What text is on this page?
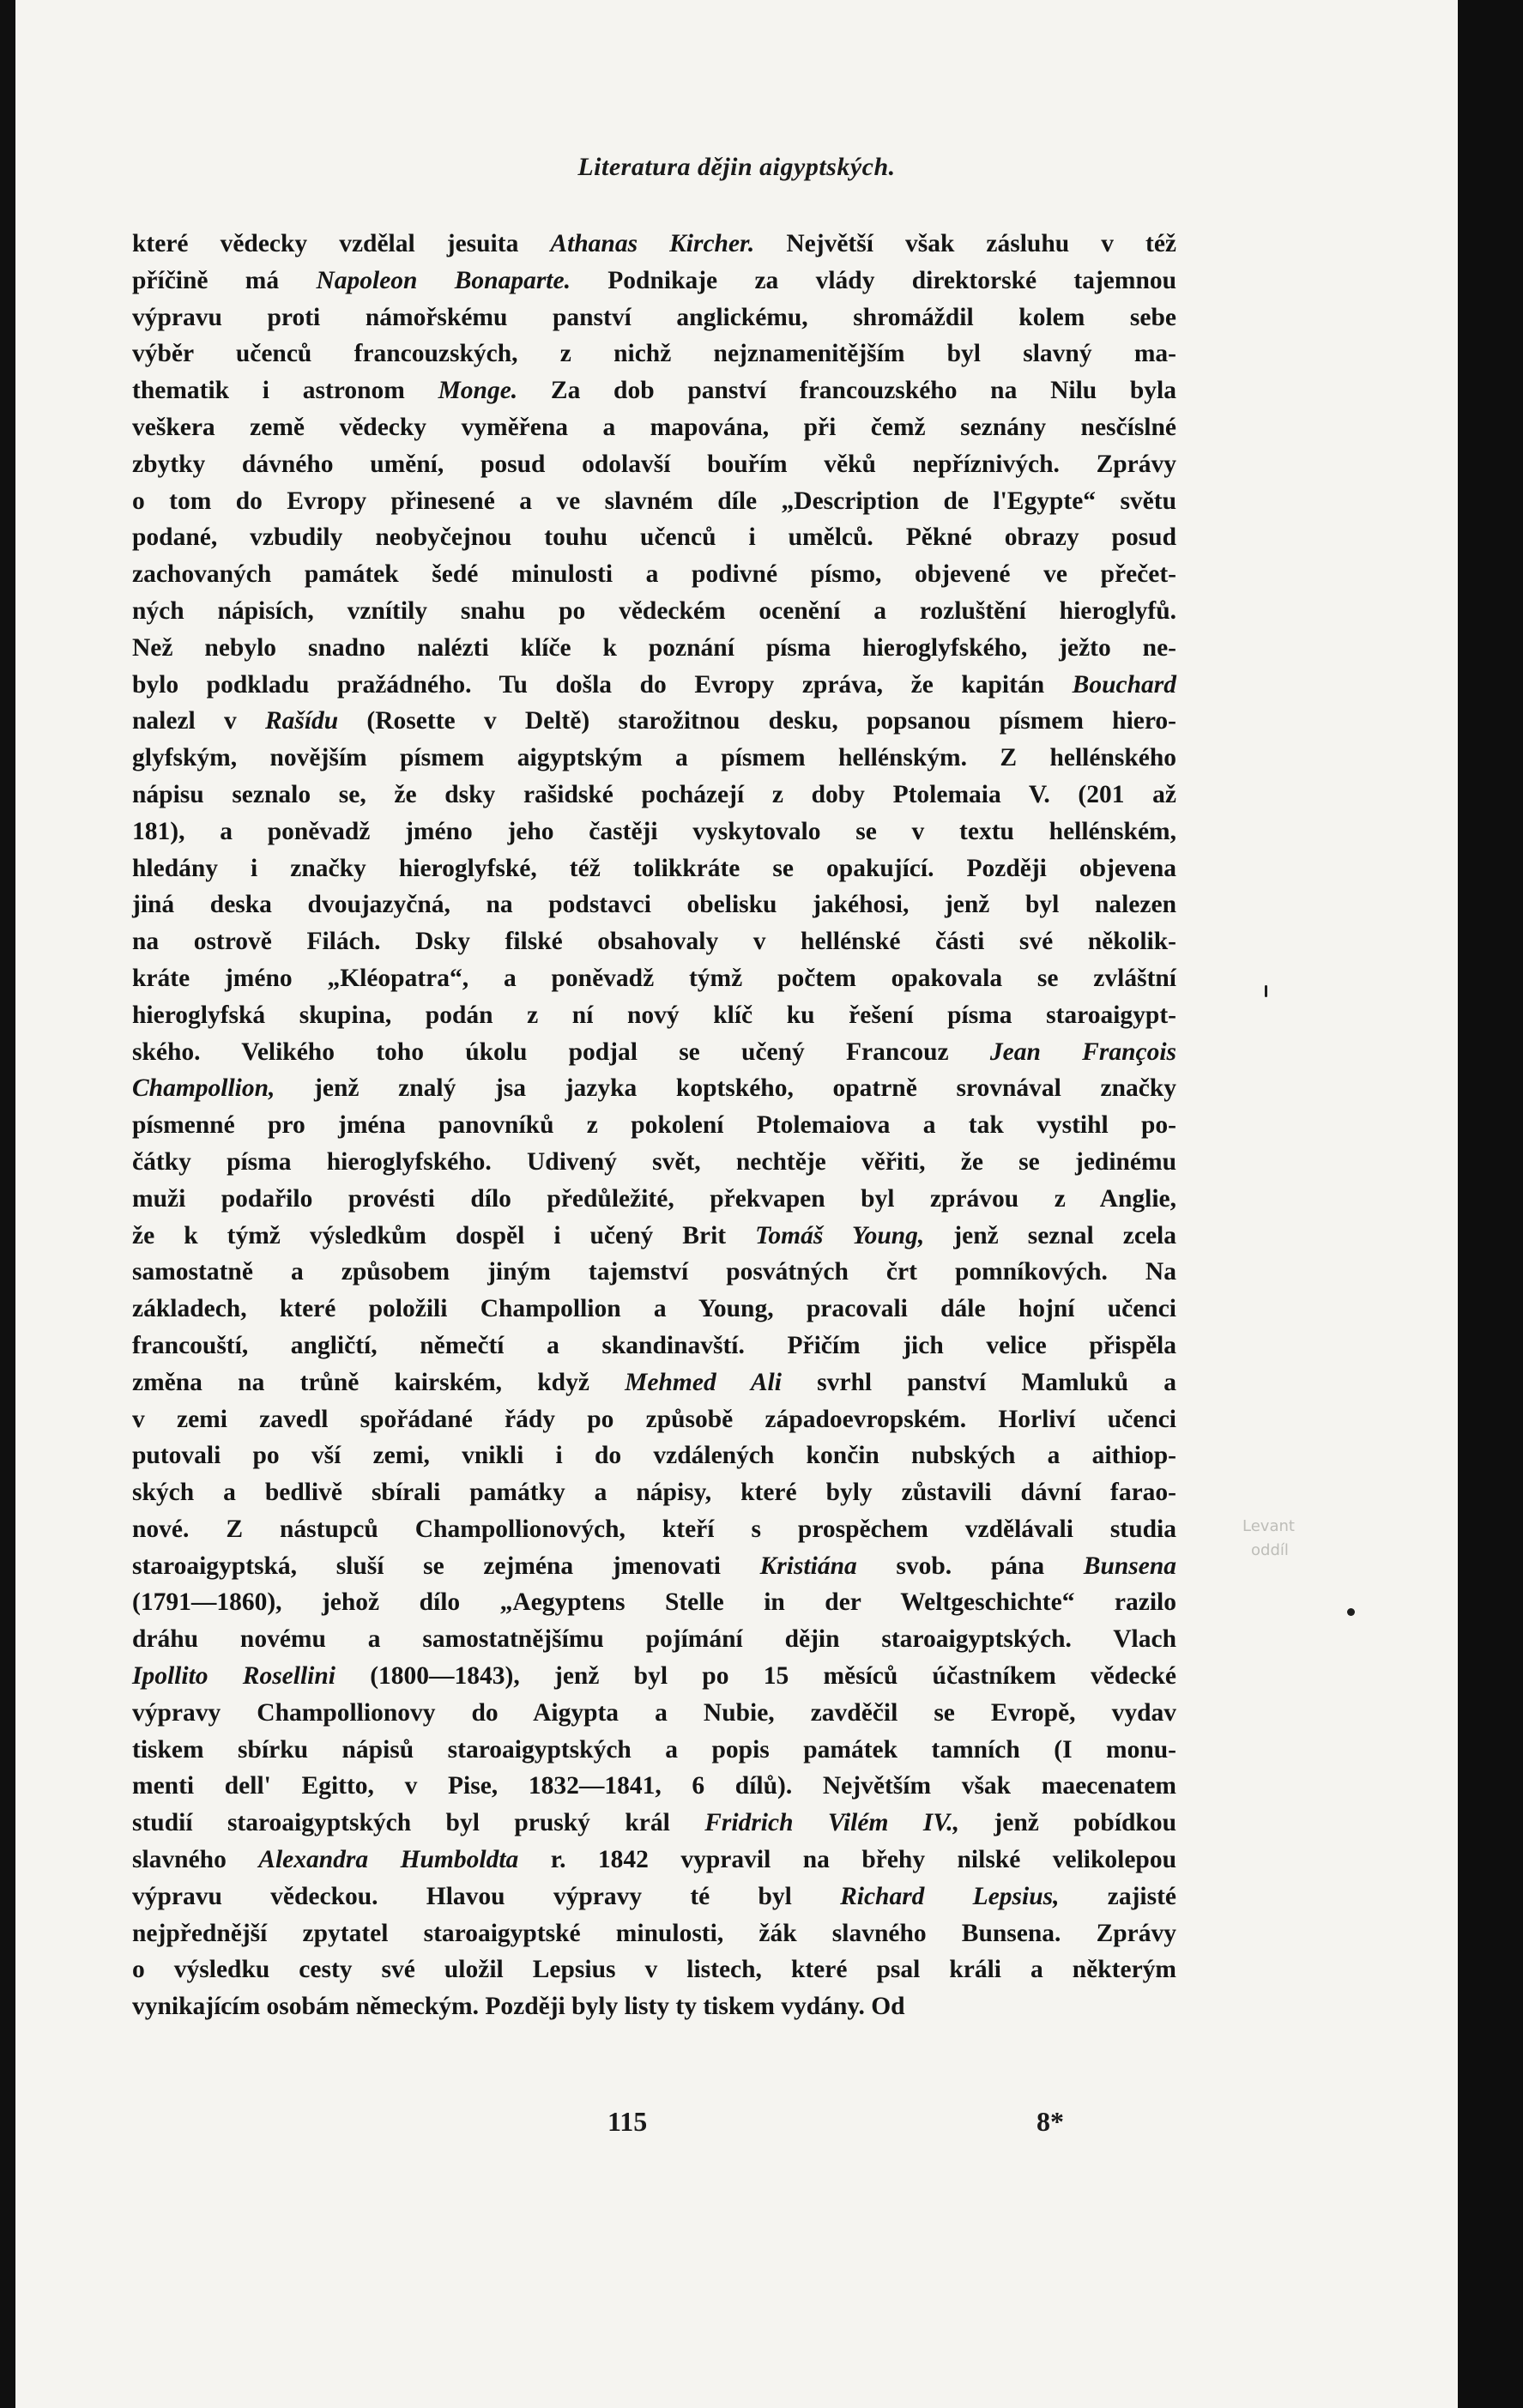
Literatura dějin aigyptských.
které vědecky vzdělal jesuita Athanas Kircher. Největší však zásluhu v též
příčině má Napoleon Bonaparte. Podnikaje za vlády direktorské tajemnou
výpravu proti námořskému panství anglickému, shromáždil kolem sebe
výběr učenců francouzských, z nichž nejznamenitějším byl slavný ma-
thematik i astronom Monge. Za dob panství francouzského na Nilu byla
veškera země vědecky vyměřena a mapována, při čemž seznány nesčíslné
zbytky dávného umění, posud odolavší bouřím věků nepříznivých. Zprávy
o tom do Evropy přinesené a ve slavném díle „Description de l'Egypte“ světu
podané, vzbudily neobyčejnou touhu učenců i umělců. Pěkné obrazy posud
zachovaných památek šedé minulosti a podivné písmo, objevené ve přečet-
ných nápisích, vznítily snahu po vědeckém ocenění a rozluštění hieroglyfů.
Než nebylo snadno nalézti klíče k poznání písma hieroglyfského, ježto ne-
bylo podkladu pražádného. Tu došla do Evropy zpráva, že kapitán Bouchard
nalezl v Rašídu (Rosette v Deltě) starožitnou desku, popsanou písmem hiero-
glyfským, novějším písmem aigyptským a písmem hellénským. Z hellénského
nápisu seznalo se, že dsky rašidské pocházejí z doby Ptolemaia V. (201 až
181), a poněvadž jméno jeho častěji vyskytovalo se v textu hellénském,
hledány i značky hieroglyfské, též tolikkráte se opakující. Později objevena
jiná deska dvoujazyčná, na podstavci obelisku jakéhosi, jenž byl nalezen
na ostrově Filách. Dsky filské obsahovaly v hellénské části své několik-
kráte jméno „Kléopatra“, a poněvadž týmž počtem opakovala se zvláštní
hieroglyfská skupina, podán z ní nový klíč ku řešení písma staroaigypt-
ského. Velikého toho úkolu podjal se učený Francouz Jean François
Champollion, jenž znalý jsa jazyka koptského, opatrně srovnával značky
písmenné pro jména panovníků z pokolení Ptolemaiova a tak vystihl po-
čátky písma hieroglyfského. Udivený svět, nechtěje věřiti, že se jedinému
muži podařilo provésti dílo předůležité, překvapen byl zprávou z Anglie,
že k týmž výsledkům dospěl i učený Brit Tomáš Young, jenž seznal zcela
samostatně a způsobem jiným tajemství posvátných črt pomníkových. Na
základech, které položili Champollion a Young, pracovali dále hojní učenci
francouští, angličtí, němečtí a skandinavští. Přičím jich velice přispěla
změna na trůně kairském, když Mehmed Ali svrhl panství Mamluků a
v zemi zavedl spořádané řády po způsobě západoevropském. Horliví učenci
putovali po vší zemi, vnikli i do vzdálených končin nubských a aithiop-
ských a bedlivě sbírali památky a nápisy, které byly zůstavili dávní farao-
nové. Z nástupců Champollionových, kteří s prospěchem vzdělávali studia
staroaigyptská, sluší se zejména jmenovati Kristiána svob. pána Bunsena
(1791—1860), jehož dílo „Aegyptens Stelle in der Weltgeschichte“ razilo
dráhu novému a samostatnějšímu pojímání dějin staroaigyptských. Vlach
Ipollito Rosellini (1800—1843), jenž byl po 15 měsíců účastníkem vědecké
výpravy Champollionovy do Aigypta a Nubie, zavděčil se Evropě, vydav
tiskem sbírku nápisů staroaigyptských a popis památek tamních (I monu-
menti dell' Egitto, v Pise, 1832—1841, 6 dílů). Největším však maecenatem
studií staroaigyptských byl pruský král Fridrich Vilém IV., jenž pobídkou
slavného Alexandra Humboldta r. 1842 vypravil na břehy nilské velikolepou
výpravu vědeckou. Hlavou výpravy té byl Richard Lepsius, zajisté
nejpřednější zpytatel staroaigyptské minulosti, žák slavného Bunsena. Zprávy
o výsledku cesty své uložil Lepsius v listech, které psal králi a některým
vynikajícím osobám německým. Později byly listy ty tiskem vydány. Od
115	8*
Levant
oddíl
